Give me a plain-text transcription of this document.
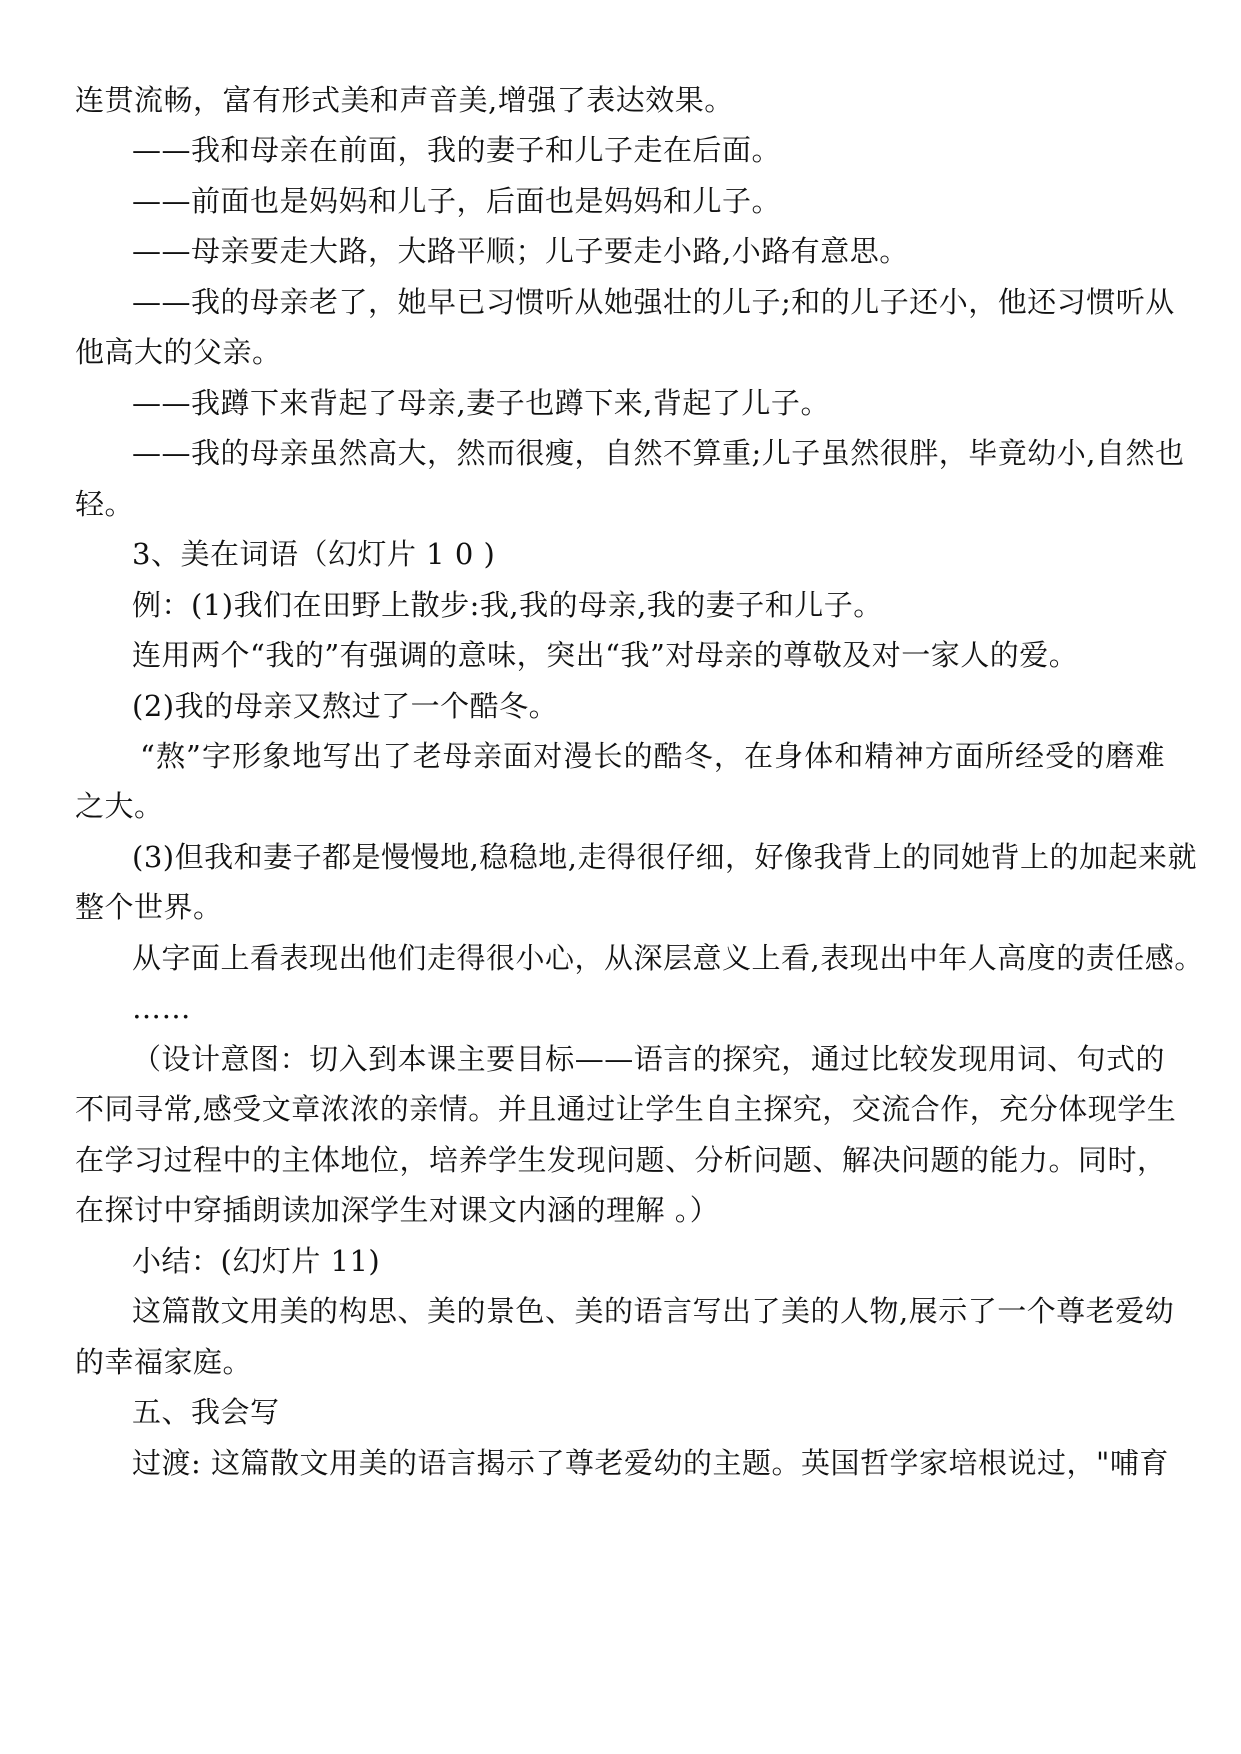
连贯流畅，富有形式美和声音美,增强了表达效果。
——我和母亲在前面，我的妻子和儿子走在后面。
——前面也是妈妈和儿子，后面也是妈妈和儿子。
——母亲要走大路，大路平顺；儿子要走小路,小路有意思。
——我的母亲老了，她早已习惯听从她强壮的儿子;和的儿子还小，他还习惯听从
他高大的父亲。
——我蹲下来背起了母亲,妻子也蹲下来,背起了儿子。
——我的母亲虽然高大，然而很瘦，自然不算重;儿子虽然很胖，毕竟幼小,自然也
轻。
3、美在词语（幻灯片 1 0 )
例：(1)我们在田野上散步:我,我的母亲,我的妻子和儿子。
连用两个“我的”有强调的意味，突出“我”对母亲的尊敬及对一家人的爱。
(2)我的母亲又熬过了一个酷冬。
“熬”字形象地写出了老母亲面对漫长的酷冬，在身体和精神方面所经受的磨难
之大。
(3)但我和妻子都是慢慢地,稳稳地,走得很仔细，好像我背上的同她背上的加起来就
整个世界。
从字面上看表现出他们走得很小心，从深层意义上看,表现出中年人高度的责任感。
……
（设计意图：切入到本课主要目标——语言的探究，通过比较发现用词、句式的
不同寻常,感受文章浓浓的亲情。并且通过让学生自主探究，交流合作，充分体现学生
在学习过程中的主体地位，培养学生发现问题、分析问题、解决问题的能力。同时，
在探讨中穿插朗读加深学生对课文内涵的理解 。）
小结：(幻灯片 11)
这篇散文用美的构思、美的景色、美的语言写出了美的人物,展示了一个尊老爱幼
的幸福家庭。
五、我会写
过渡: 这篇散文用美的语言揭示了尊老爱幼的主题。英国哲学家培根说过，"哺育
